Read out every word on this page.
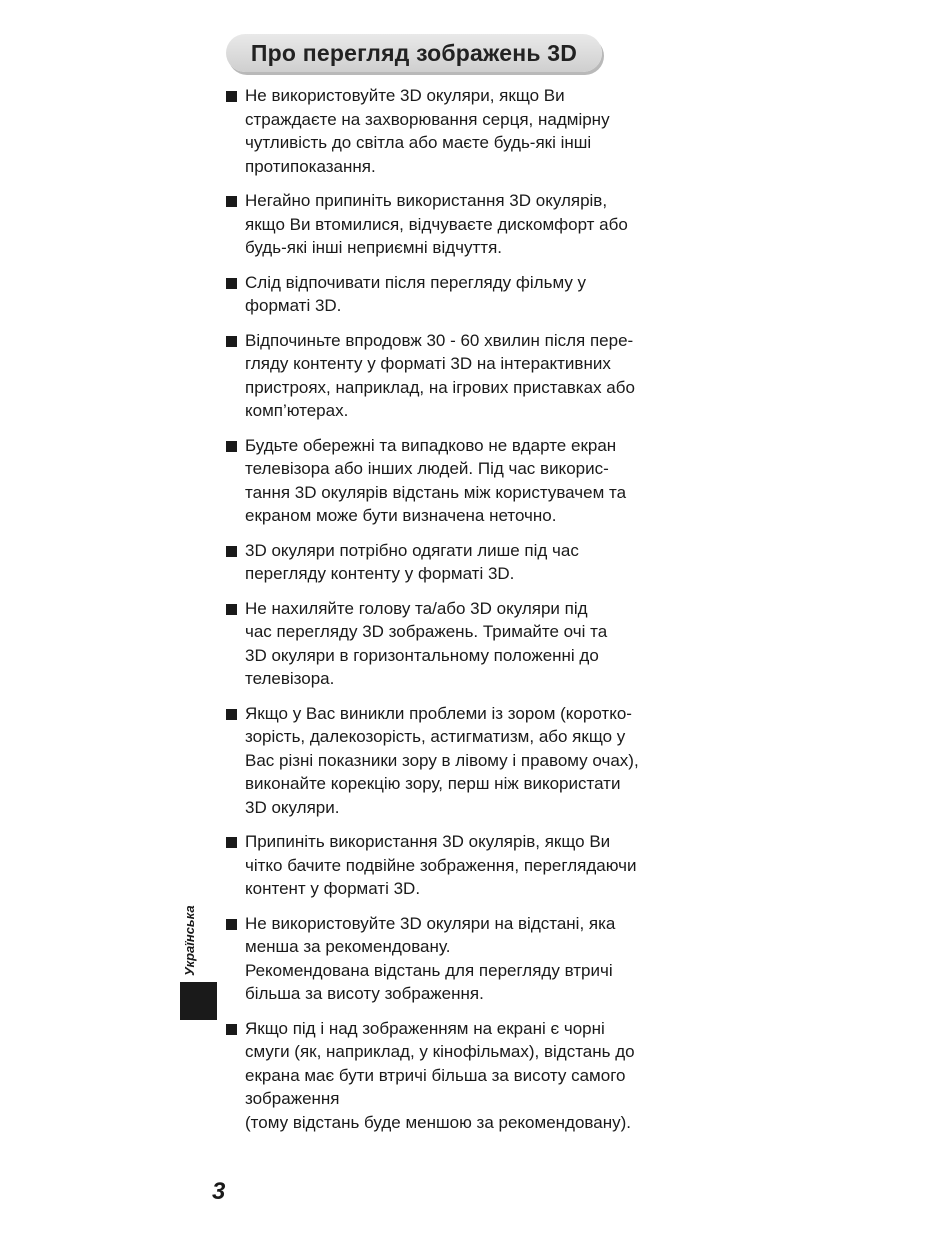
Про перегляд зображень 3D
Не використовуйте 3D окуляри, якщо Ви
страждаєте на захворювання серця, надмірну
чутливість до світла або маєте будь-які інші
протипоказання.
Негайно припиніть використання 3D окулярів,
якщо Ви втомилися, відчуваєте дискомфорт або
будь-які інші неприємні відчуття.
Слід відпочивати після перегляду фільму у
форматі 3D.
Відпочиньте впродовж 30 - 60 хвилин після пере-
гляду контенту у форматі 3D на інтерактивних
пристроях, наприклад, на ігрових приставках або
комп’ютерах.
Будьте обережні та випадково не вдарте екран
телевізора або інших людей. Під час викорис-
тання 3D окулярів відстань між користувачем та
екраном може бути визначена неточно.
3D окуляри потрібно одягати лише під час
перегляду контенту у форматі 3D.
Не нахиляйте голову та/або 3D окуляри під
час перегляду 3D зображень. Тримайте очі та
3D окуляри в горизонтальному положенні до
телевізора.
Якщо у Вас виникли проблеми із зором (коротко-
зорість, далекозорість, астигматизм, або якщо у
Вас різні показники зору в лівому і правому очах),
виконайте корекцію зору, перш ніж використати
3D окуляри.
Припиніть використання 3D окулярів, якщо Ви
чітко бачите подвійне зображення, переглядаючи
контент у форматі 3D.
Не використовуйте 3D окуляри на відстані, яка
менша за рекомендовану.
Рекомендована відстань для перегляду втричі
більша за висоту зображення.
Якщо під і над зображенням на екрані є чорні
смуги (як, наприклад, у кінофільмах), відстань до
екрана має бути втричі більша за висоту самого
зображення
(тому відстань буде меншою за рекомендовану).
Українська
3
